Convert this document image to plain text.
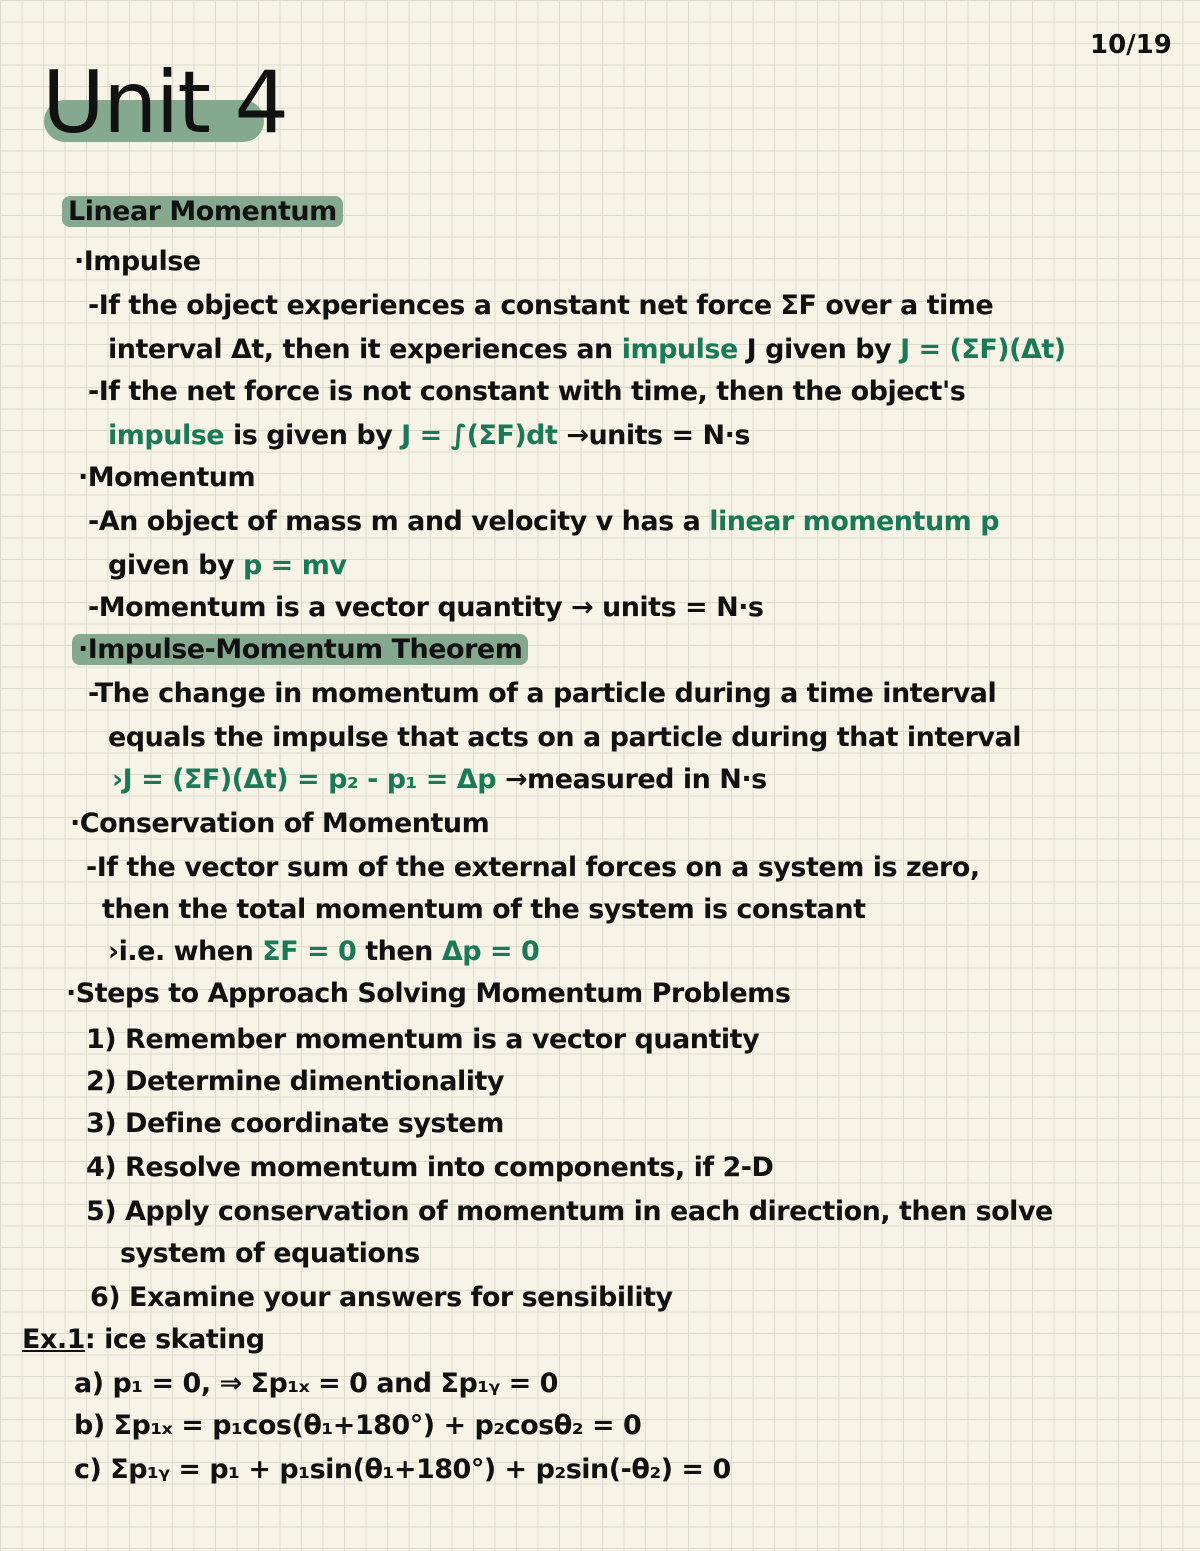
10/19
Unit 4
Linear Momentum
·Impulse
-If the object experiences a constant net force ΣF over a time
interval Δt, then it experiences an impulse J given by J = (ΣF)(Δt)
-If the net force is not constant with time, then the object's
impulse is given by J = ∫(ΣF)dt →units = N·s
·Momentum
-An object of mass m and velocity v has a linear momentum p
given by p = mv
-Momentum is a vector quantity → units = N·s
·Impulse-Momentum Theorem
-The change in momentum of a particle during a time interval
equals the impulse that acts on a particle during that interval
›J = (ΣF)(Δt) = p₂ - p₁ = Δp →measured in N·s
·Conservation of Momentum
-If the vector sum of the external forces on a system is zero,
then the total momentum of the system is constant
›i.e. when ΣF = 0 then Δp = 0
·Steps to Approach Solving Momentum Problems
1) Remember momentum is a vector quantity
2) Determine dimentionality
3) Define coordinate system
4) Resolve momentum into components, if 2-D
5) Apply conservation of momentum in each direction, then solve
system of equations
6) Examine your answers for sensibility
Ex.1: ice skating
a) p₁ = 0, ⇒ Σp₁ₓ = 0 and Σp₁ᵧ = 0
b) Σp₁ₓ = p₁cos(θ₁+180°) + p₂cosθ₂ = 0
c) Σp₁ᵧ = p₁ + p₁sin(θ₁+180°) + p₂sin(-θ₂) = 0
